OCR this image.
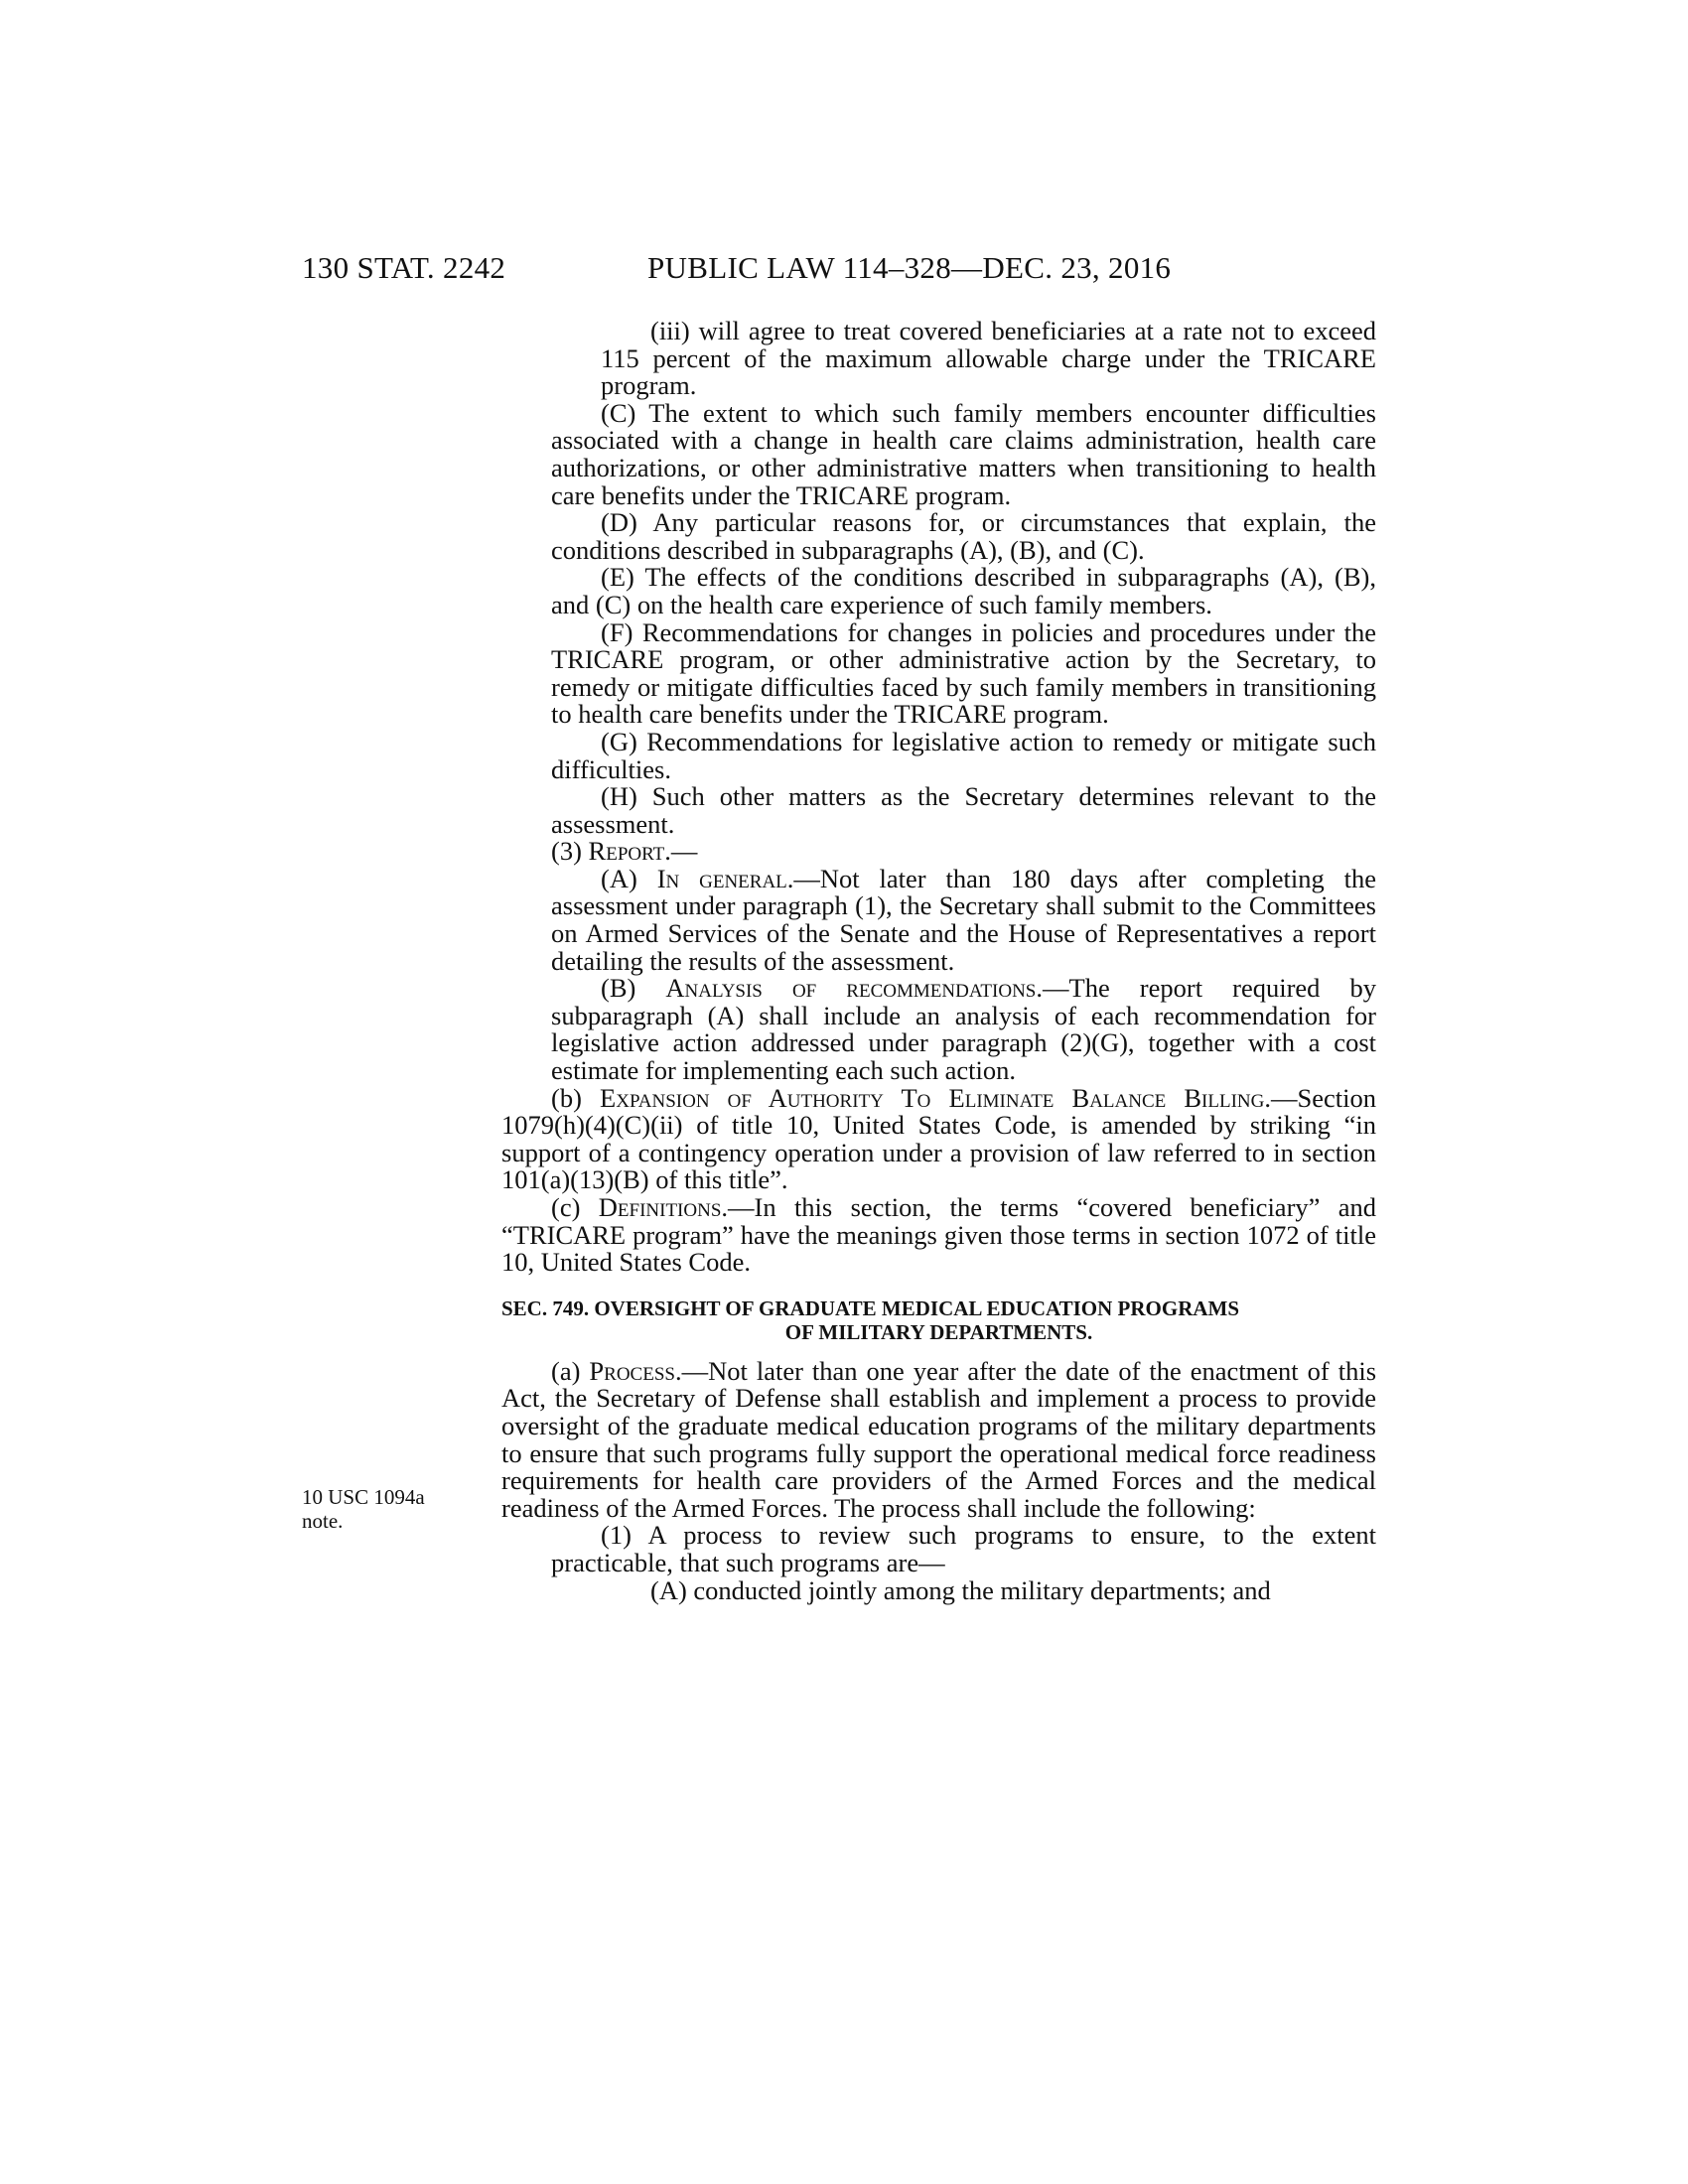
130 STAT. 2242	PUBLIC LAW 114–328—DEC. 23, 2016
10 USC 1094a
note.

(iii) will agree to treat covered beneficiaries at a rate not to exceed 115 percent of the maximum allowable charge under the TRICARE program.

(C) The extent to which such family members encounter difficulties associated with a change in health care claims administration, health care authorizations, or other administrative matters when transitioning to health care benefits under the TRICARE program.

(D) Any particular reasons for, or circumstances that explain, the conditions described in subparagraphs (A), (B), and (C).

(E) The effects of the conditions described in subparagraphs (A), (B), and (C) on the health care experience of such family members.

(F) Recommendations for changes in policies and procedures under the TRICARE program, or other administrative action by the Secretary, to remedy or mitigate difficulties faced by such family members in transitioning to health care benefits under the TRICARE program.

(G) Recommendations for legislative action to remedy or mitigate such difficulties.

(H) Such other matters as the Secretary determines relevant to the assessment.

(3) Report.—

(A) In general.—Not later than 180 days after completing the assessment under paragraph (1), the Secretary shall submit to the Committees on Armed Services of the Senate and the House of Representatives a report detailing the results of the assessment.

(B) Analysis of recommendations.—The report required by subparagraph (A) shall include an analysis of each recommendation for legislative action addressed under paragraph (2)(G), together with a cost estimate for implementing each such action.

(b) Expansion of Authority To Eliminate Balance Billing.—Section 1079(h)(4)(C)(ii) of title 10, United States Code, is amended by striking “in support of a contingency operation under a provision of law referred to in section 101(a)(13)(B) of this title”.

(c) Definitions.—In this section, the terms “covered beneficiary” and “TRICARE program” have the meanings given those terms in section 1072 of title 10, United States Code.

SEC. 749. OVERSIGHT OF GRADUATE MEDICAL EDUCATION PROGRAMS
OF MILITARY DEPARTMENTS.

(a) Process.—Not later than one year after the date of the enactment of this Act, the Secretary of Defense shall establish and implement a process to provide oversight of the graduate medical education programs of the military departments to ensure that such programs fully support the operational medical force readiness requirements for health care providers of the Armed Forces and the medical readiness of the Armed Forces. The process shall include the following:

(1) A process to review such programs to ensure, to the extent practicable, that such programs are—

(A) conducted jointly among the military departments; and
